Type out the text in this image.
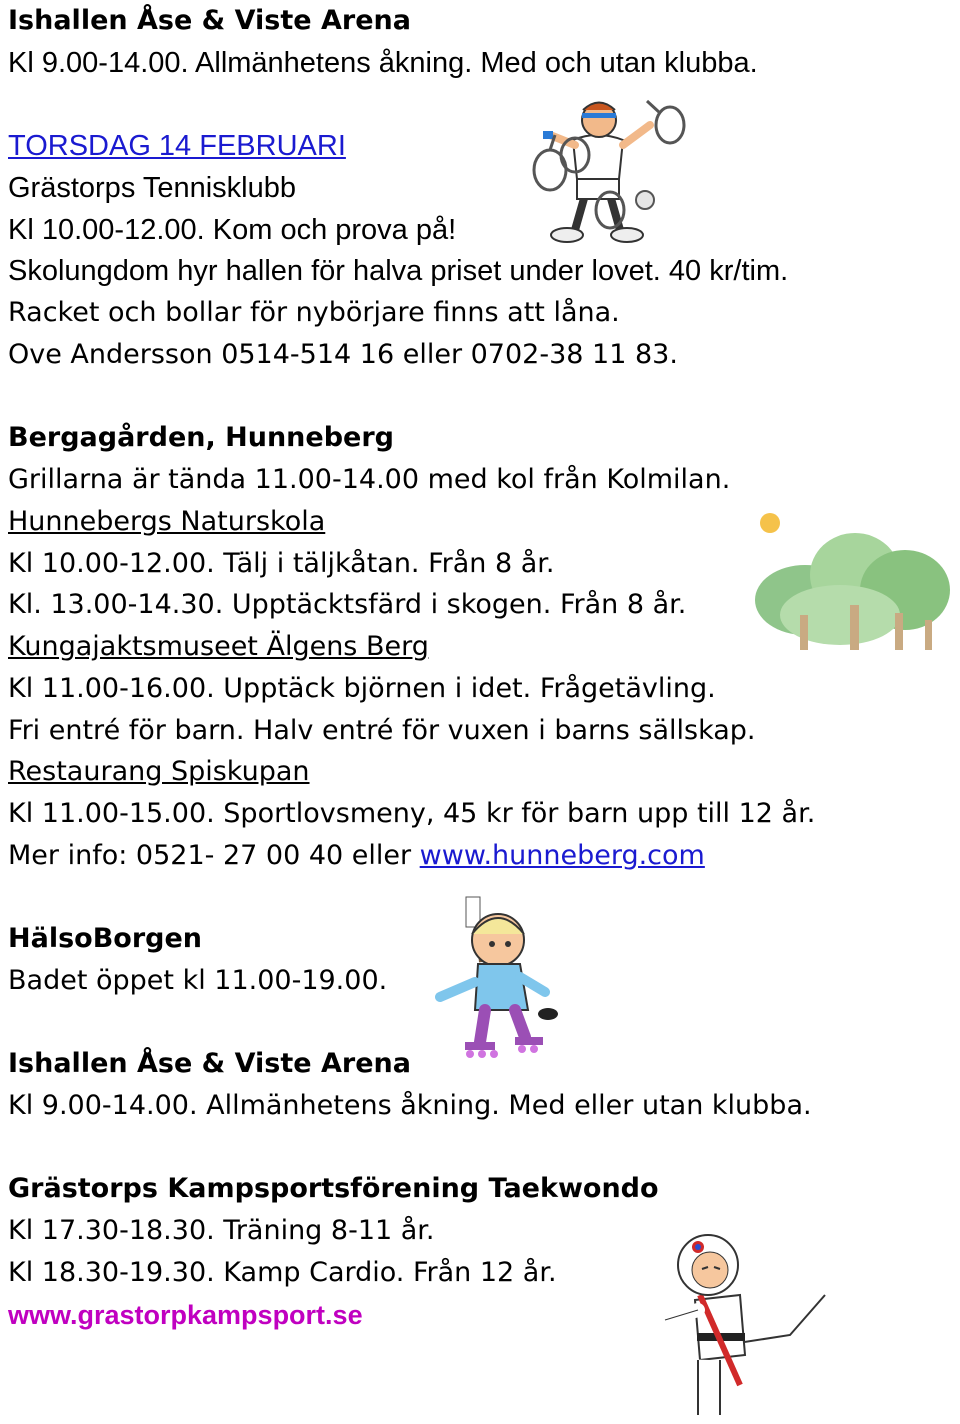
Ishallen Åse & Viste Arena
Kl 9.00-14.00. Allmänhetens åkning. Med och utan klubba.
TORSDAG 14 FEBRUARI
Grästorps Tennisklubb
Kl 10.00-12.00. Kom och prova på!
Skolungdom hyr hallen för halva priset under lovet. 40 kr/tim.
Racket och bollar för nybörjare finns att låna.
Ove Andersson 0514-514 16 eller 0702-38 11 83.
Bergagården, Hunneberg
Grillarna är tända 11.00-14.00 med kol från Kolmilan.
Hunnebergs Naturskola
Kl 10.00-12.00. Tälj i täljkåtan. Från 8 år.
Kl. 13.00-14.30. Upptäcktsfärd i skogen. Från 8 år.
Kungajaktsmuseet Älgens Berg
Kl 11.00-16.00. Upptäck björnen i idet. Frågetävling.
Fri entré för barn. Halv entré för vuxen i barns sällskap.
Restaurang Spiskupan
Kl 11.00-15.00. Sportlovsmeny, 45 kr för barn upp till 12 år.
Mer info: 0521- 27 00 40 eller www.hunneberg.com
HälsoBorgen
Badet öppet kl 11.00-19.00.
Ishallen Åse & Viste Arena
Kl 9.00-14.00. Allmänhetens åkning. Med eller utan klubba.
Grästorps Kampsportsförening Taekwondo
Kl 17.30-18.30. Träning 8-11 år.
Kl 18.30-19.30. Kamp Cardio. Från 12 år.
www.grastorpkampsport.se
